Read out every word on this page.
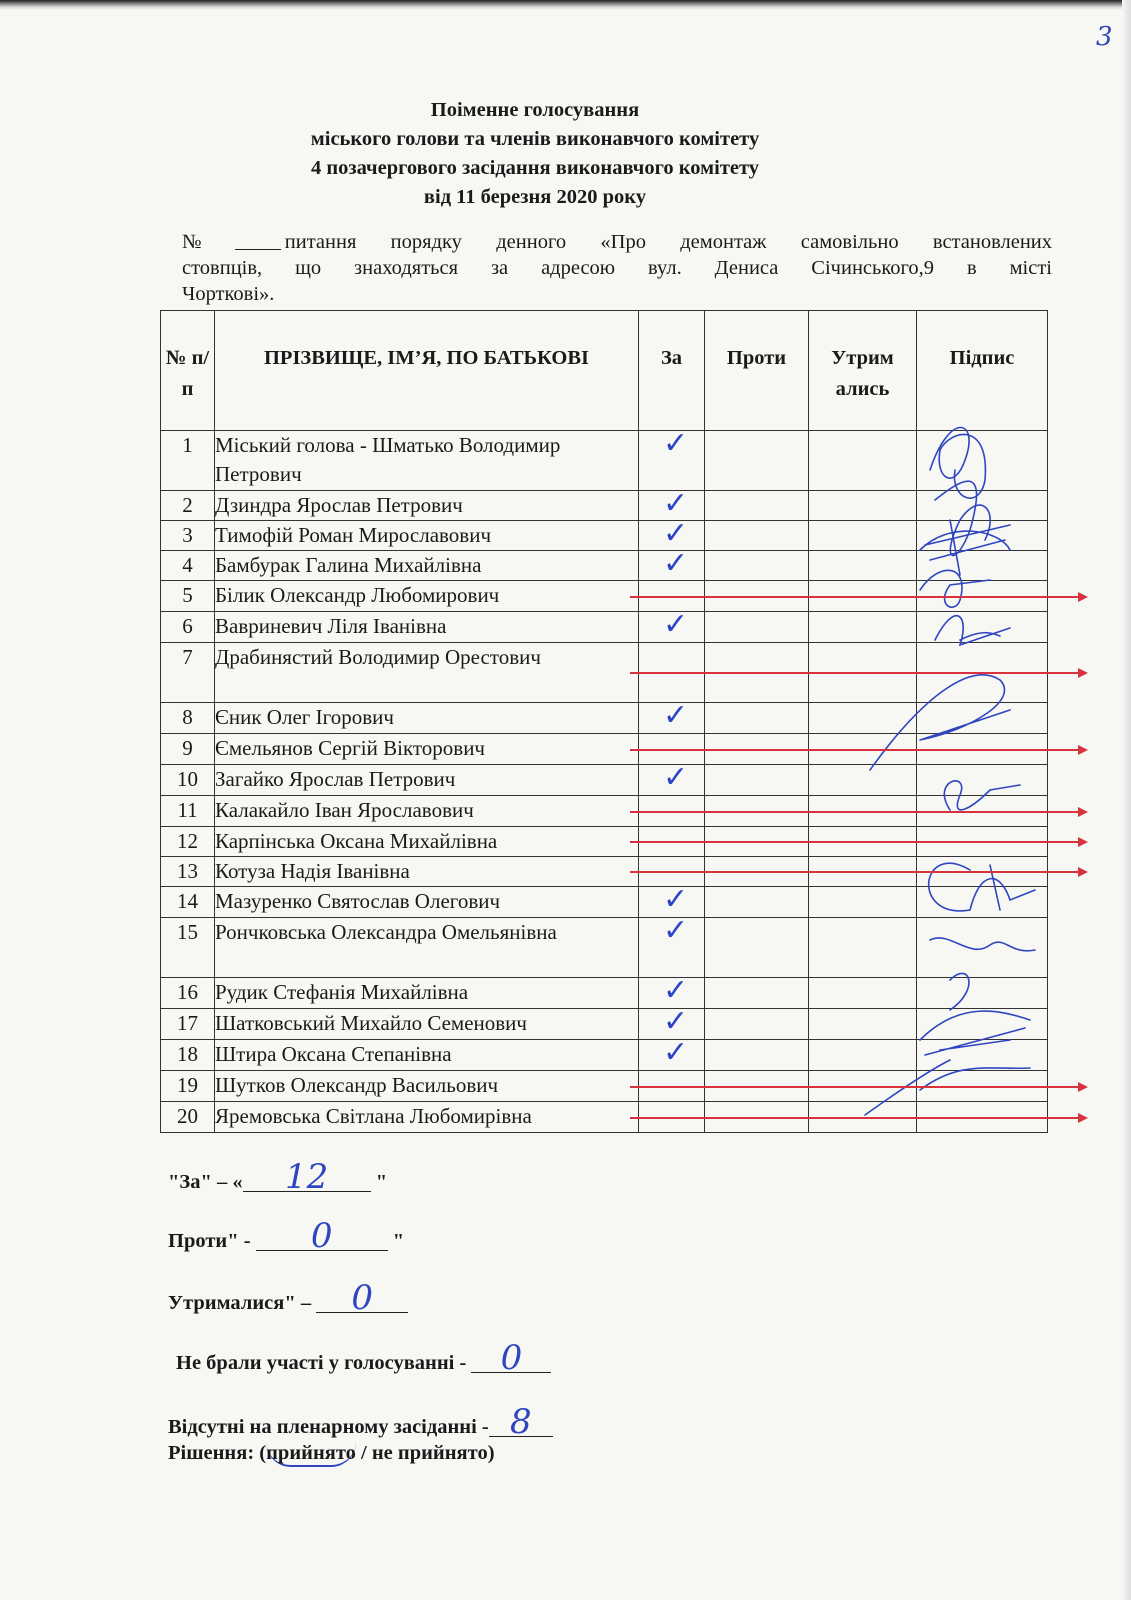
3
Поіменне голосування
міського голови та членів виконавчого комітету
4 позачергового засідання виконавчого комітету
від 11 березня 2020 року
№	питання порядку денного «Про демонтаж самовільно встановлених
стовпців, що знаходяться за адресою вул. Дениса Січинського,9 в місті
Чорткові».
№ п/ п	ПРІЗВИЩЕ, ІМ’Я, ПО БАТЬКОВІ	За	Проти	Утрим ались	Підпис
1	Міський голова - Шматько Володимир Петрович	✓			

2	Дзиндра Ярослав Петрович	✓			

3	Тимофій Роман Мирославович	✓			

4	Бамбурак Галина Михайлівна	✓			

5	Білик Олександр Любомирович				
6	Вавриневич Ліля Іванівна	✓			

7	Драбинястий Володимир Орестович				
8	Єник Олег Ігорович	✓			

9	Ємельянов Сергій Вікторович				
10	Загайко Ярослав Петрович	✓			

11	Калакайло Іван Ярославович				
12	Карпінська Оксана Михайлівна				
13	Котуза Надія Іванівна				
14	Мазуренко Святослав Олегович	✓			

15	Рончковська Олександра Омельянівна	✓			

16	Рудик Стефанія Михайлівна	✓			

17	Шатковський Михайло Семенович	✓			

18	Штира Оксана Степанівна	✓			

19	Шутков Олександр Васильович				
20	Яремовська Світлана Любомирівна				
"За" – « 12 "
Проти" - 0	"
Утрималися" – 0
Не брали участі у голосуванні - 0
Відсутні на пленарному засіданні - 8
Рішення: (прийнято / не прийнято)
